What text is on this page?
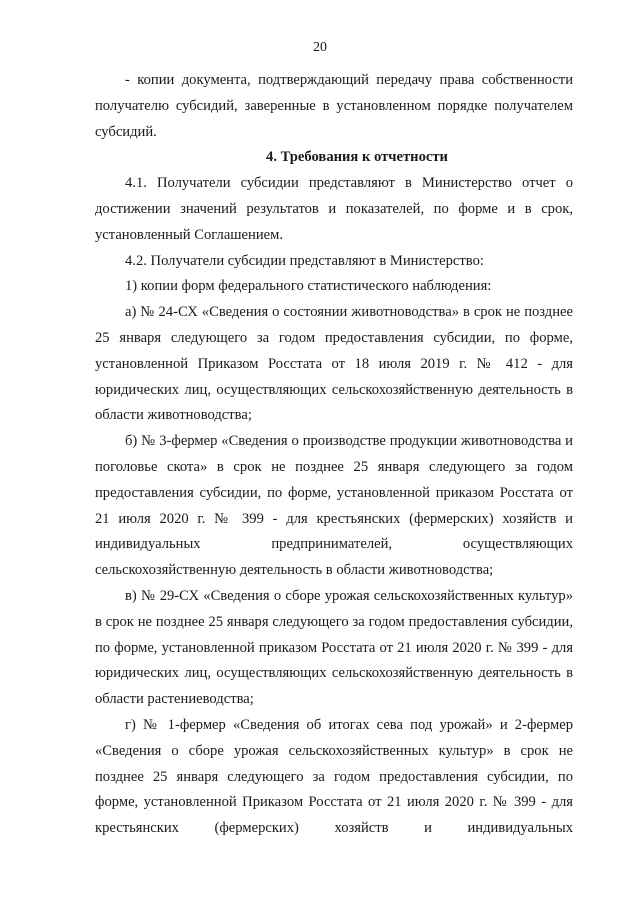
20

- копии документа, подтверждающий передачу права собственности получателю субсидий, заверенные в установленном порядке получателем субсидий.

4. Требования к отчетности

4.1. Получатели субсидии представляют в Министерство отчет о достижении значений результатов и показателей, по форме и в срок, установленный Соглашением.

4.2. Получатели субсидии представляют в Министерство:

1) копии форм федерального статистического наблюдения:

а) № 24-СХ «Сведения о состоянии животноводства» в срок не позднее 25 января следующего за годом предоставления субсидии, по форме, установленной Приказом Росстата от 18 июля 2019 г. № 412 - для юридических лиц, осуществляющих сельскохозяйственную деятельность в области животноводства;

б) № 3-фермер «Сведения о производстве продукции животноводства и поголовье скота» в срок не позднее 25 января следующего за годом предоставления субсидии, по форме, установленной приказом Росстата от 21 июля 2020 г. № 399 - для крестьянских (фермерских) хозяйств и индивидуальных предпринимателей, осуществляющих сельскохозяйственную деятельность в области животноводства;

в) № 29-СХ «Сведения о сборе урожая сельскохозяйственных культур» в срок не позднее 25 января следующего за годом предоставления субсидии, по форме, установленной приказом Росстата от 21 июля 2020 г. № 399 - для юридических лиц, осуществляющих сельскохозяйственную деятельность в области растениеводства;

г) № 1-фермер «Сведения об итогах сева под урожай» и 2-фермер «Сведения о сборе урожая сельскохозяйственных культур» в срок не позднее 25 января следующего за годом предоставления субсидии, по форме, установленной Приказом Росстата от 21 июля 2020 г. № 399 - для крестьянских (фермерских) хозяйств и индивидуальных
